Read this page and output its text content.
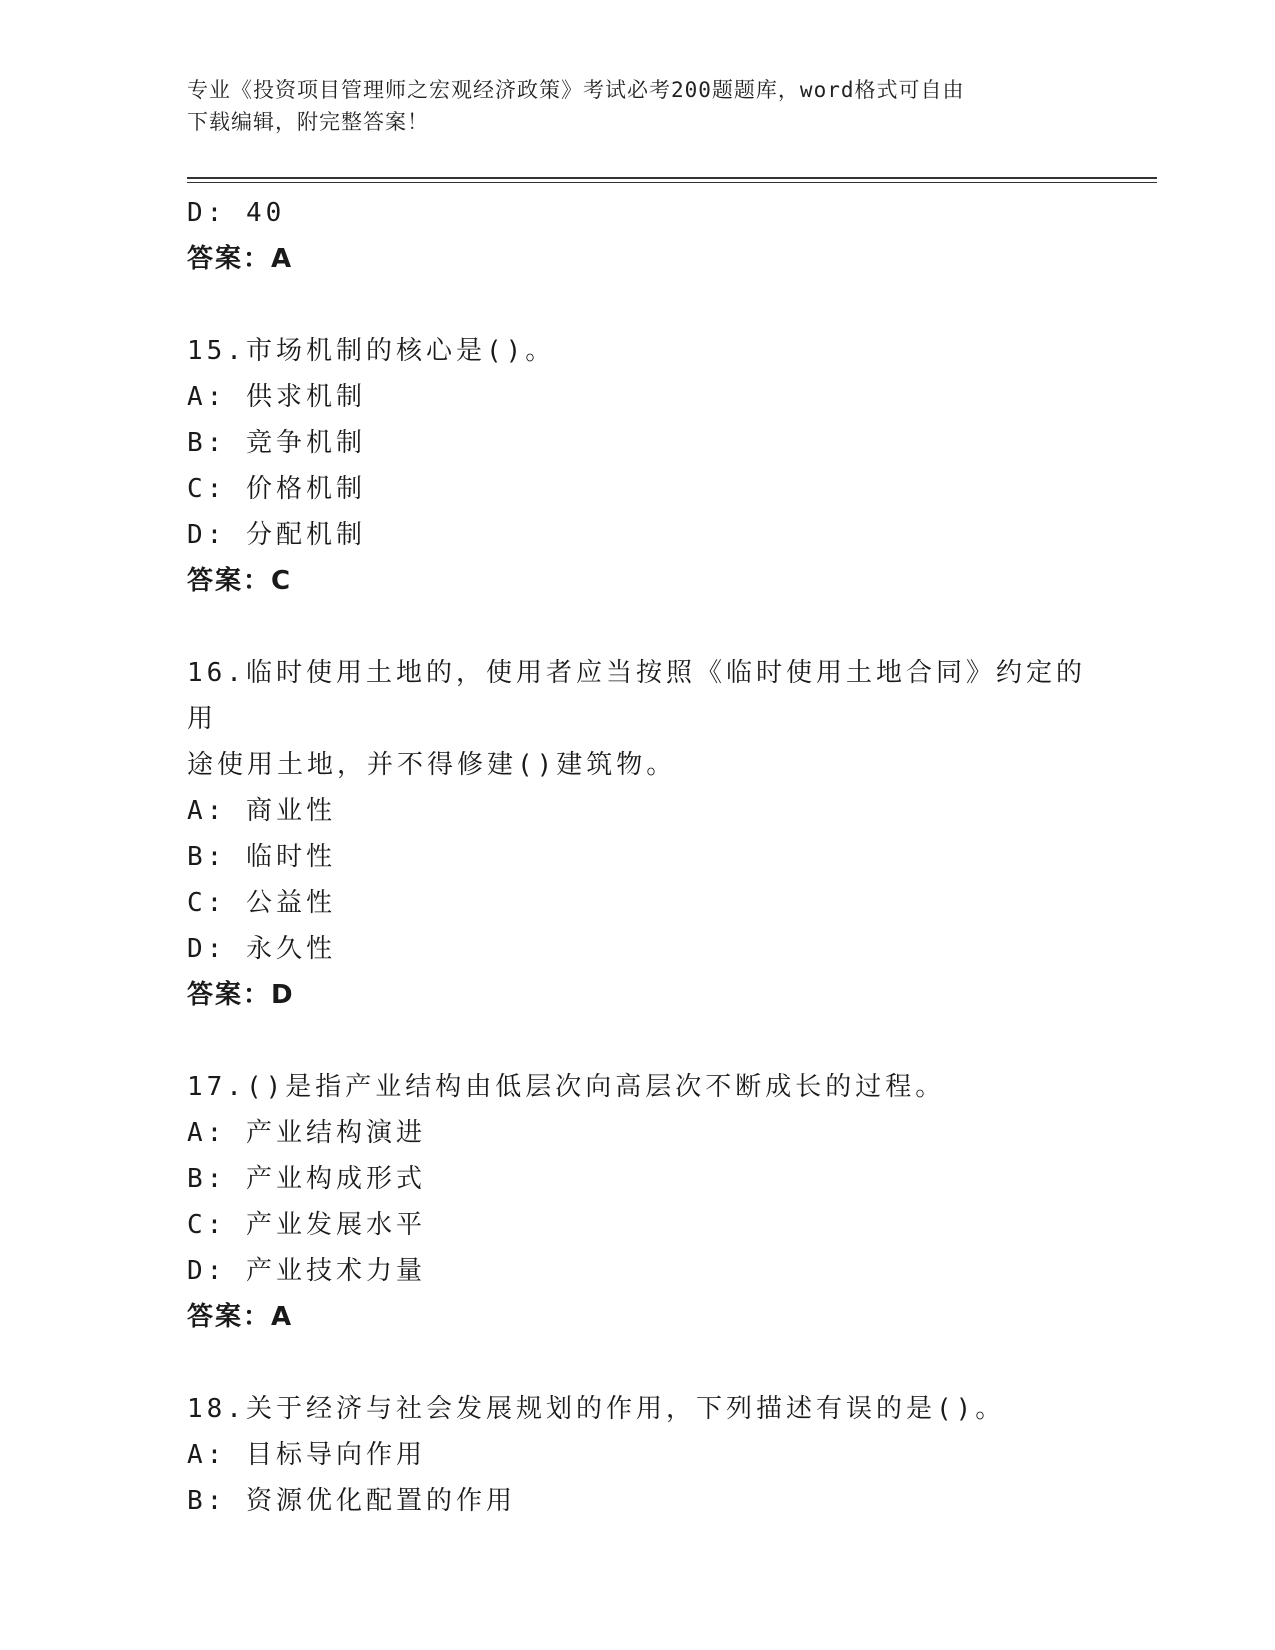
专业《投资项目管理师之宏观经济政策》考试必考200题题库，word格式可自由
下载编辑，附完整答案！
D: 40
答案：A
15.市场机制的核心是()。
A: 供求机制
B: 竞争机制
C: 价格机制
D: 分配机制
答案：C
16.临时使用土地的，使用者应当按照《临时使用土地合同》约定的用
途使用土地，并不得修建()建筑物。
A: 商业性
B: 临时性
C: 公益性
D: 永久性
答案：D
17.()是指产业结构由低层次向高层次不断成长的过程。
A: 产业结构演进
B: 产业构成形式
C: 产业发展水平
D: 产业技术力量
答案：A
18.关于经济与社会发展规划的作用，下列描述有误的是()。
A: 目标导向作用
B: 资源优化配置的作用
